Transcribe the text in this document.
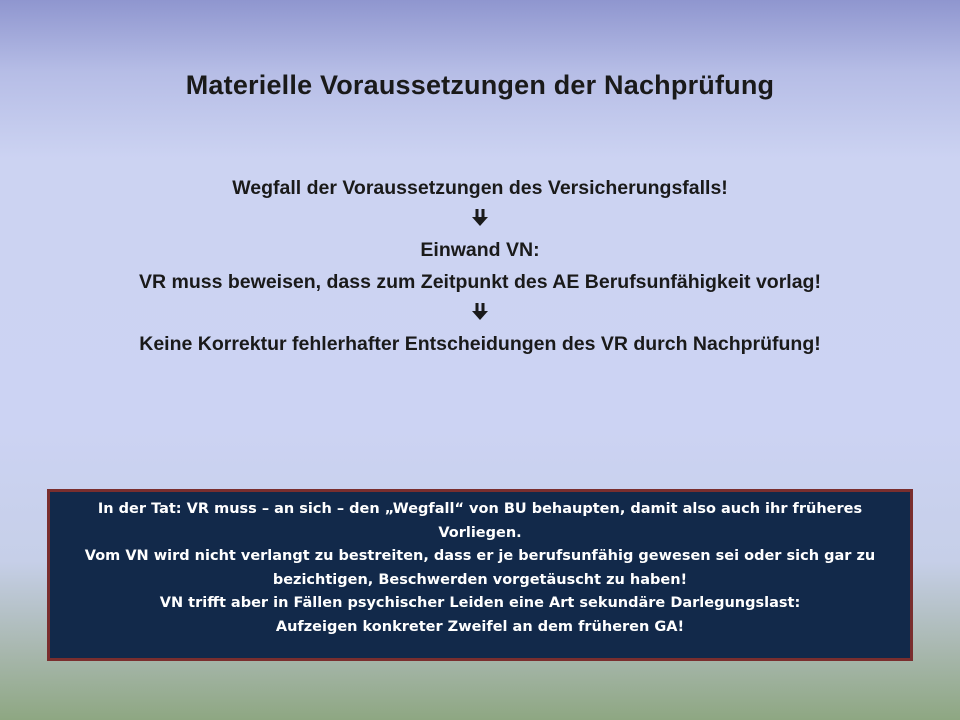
Materielle Voraussetzungen der Nachprüfung
Wegfall der Voraussetzungen des Versicherungsfalls!
Einwand VN:
VR muss beweisen, dass zum Zeitpunkt des AE Berufsunfähigkeit vorlag!
Keine Korrektur fehlerhafter Entscheidungen des VR durch Nachprüfung!
In der Tat: VR muss – an sich – den „Wegfall“ von BU behaupten, damit also auch ihr früheres
Vorliegen.
Vom VN wird nicht verlangt zu bestreiten, dass er je berufsunfähig gewesen sei oder sich gar zu
bezichtigen, Beschwerden vorgetäuscht zu haben!
VN trifft aber in Fällen psychischer Leiden eine Art sekundäre Darlegungslast:
Aufzeigen konkreter Zweifel an dem früheren GA!
